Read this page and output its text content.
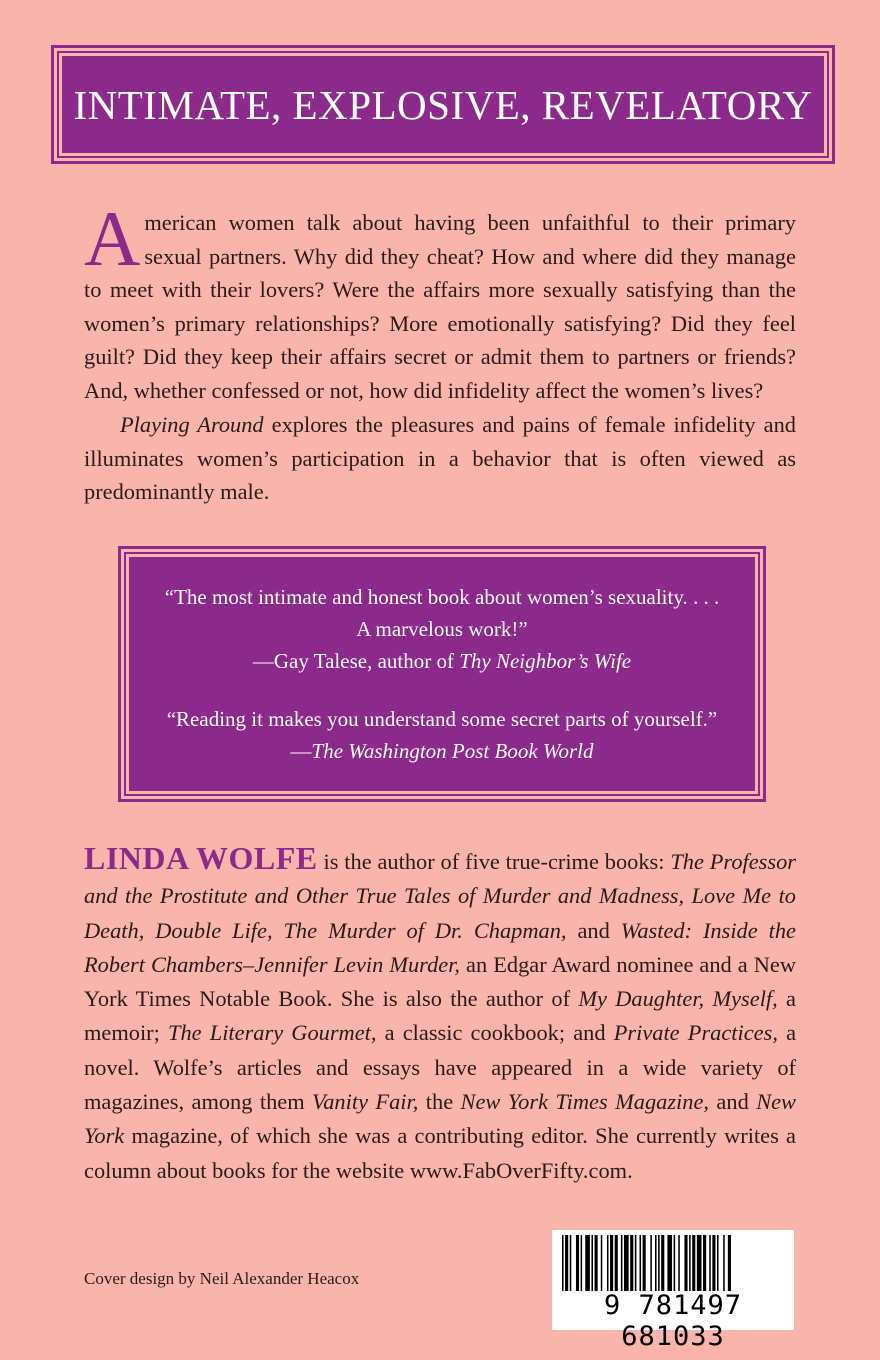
INTIMATE, EXPLOSIVE, REVELATORY

American women talk about having been unfaithful to their primary sexual partners. Why did they cheat? How and where did they manage to meet with their lovers? Were the affairs more sexually satisfying than the women’s primary relationships? More emotionally satisfying? Did they feel guilt? Did they keep their affairs secret or admit them to partners or friends? And, whether confessed or not, how did infidelity affect the women’s lives?

Playing Around explores the pleasures and pains of female infidelity and illuminates women’s participation in a behavior that is often viewed as predominantly male.

“The most intimate and honest book about women’s sexuality. . . .
A marvelous work!”
—Gay Talese, author of Thy Neighbor’s Wife
“Reading it makes you understand some secret parts of yourself.”
—The Washington Post Book World
LINDA WOLFE is the author of five true-crime books: The Professor and the Prostitute and Other True Tales of Murder and Madness, Love Me to Death, Double Life, The Murder of Dr. Chapman, and Wasted: Inside the Robert Chambers–Jennifer Levin Murder, an Edgar Award nominee and a New York Times Notable Book. She is also the author of My Daughter, Myself, a memoir; The Literary Gourmet, a classic cookbook; and Private Practices, a novel. Wolfe’s articles and essays have appeared in a wide variety of magazines, among them Vanity Fair, the New York Times Magazine, and New York magazine, of which she was a contributing editor. She currently writes a column about books for the website www.FabOverFifty.com.
Cover design by Neil Alexander Heacox
9 781497 681033
